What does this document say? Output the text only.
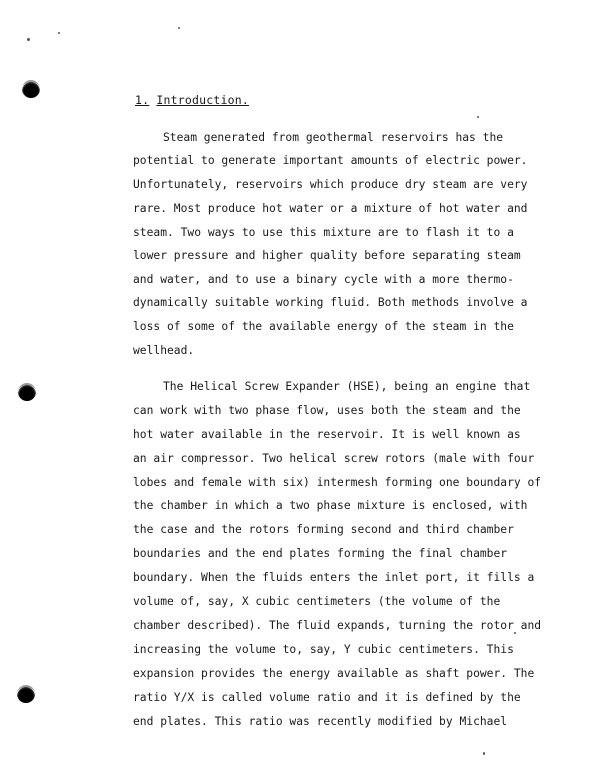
1. Introduction.
Steam generated from geothermal reservoirs has the
potential to generate important amounts of electric power.
Unfortunately, reservoirs which produce dry steam are very
rare. Most produce hot water or a mixture of hot water and
steam. Two ways to use this mixture are to flash it to a
lower pressure and higher quality before separating steam
and water, and to use a binary cycle with a more thermo-
dynamically suitable working fluid. Both methods involve a
loss of some of the available energy of the steam in the
wellhead.
The Helical Screw Expander (HSE), being an engine that
can work with two phase flow, uses both the steam and the
hot water available in the reservoir. It is well known as
an air compressor. Two helical screw rotors (male with four
lobes and female with six) intermesh forming one boundary of
the chamber in which a two phase mixture is enclosed, with
the case and the rotors forming second and third chamber
boundaries and the end plates forming the final chamber
boundary. When the fluids enters the inlet port, it fills a
volume of, say, X cubic centimeters (the volume of the
chamber described). The fluid expands, turning the rotor and
increasing the volume to, say, Y cubic centimeters. This
expansion provides the energy available as shaft power. The
ratio Y/X is called volume ratio and it is defined by the
end plates. This ratio was recently modified by Michael
